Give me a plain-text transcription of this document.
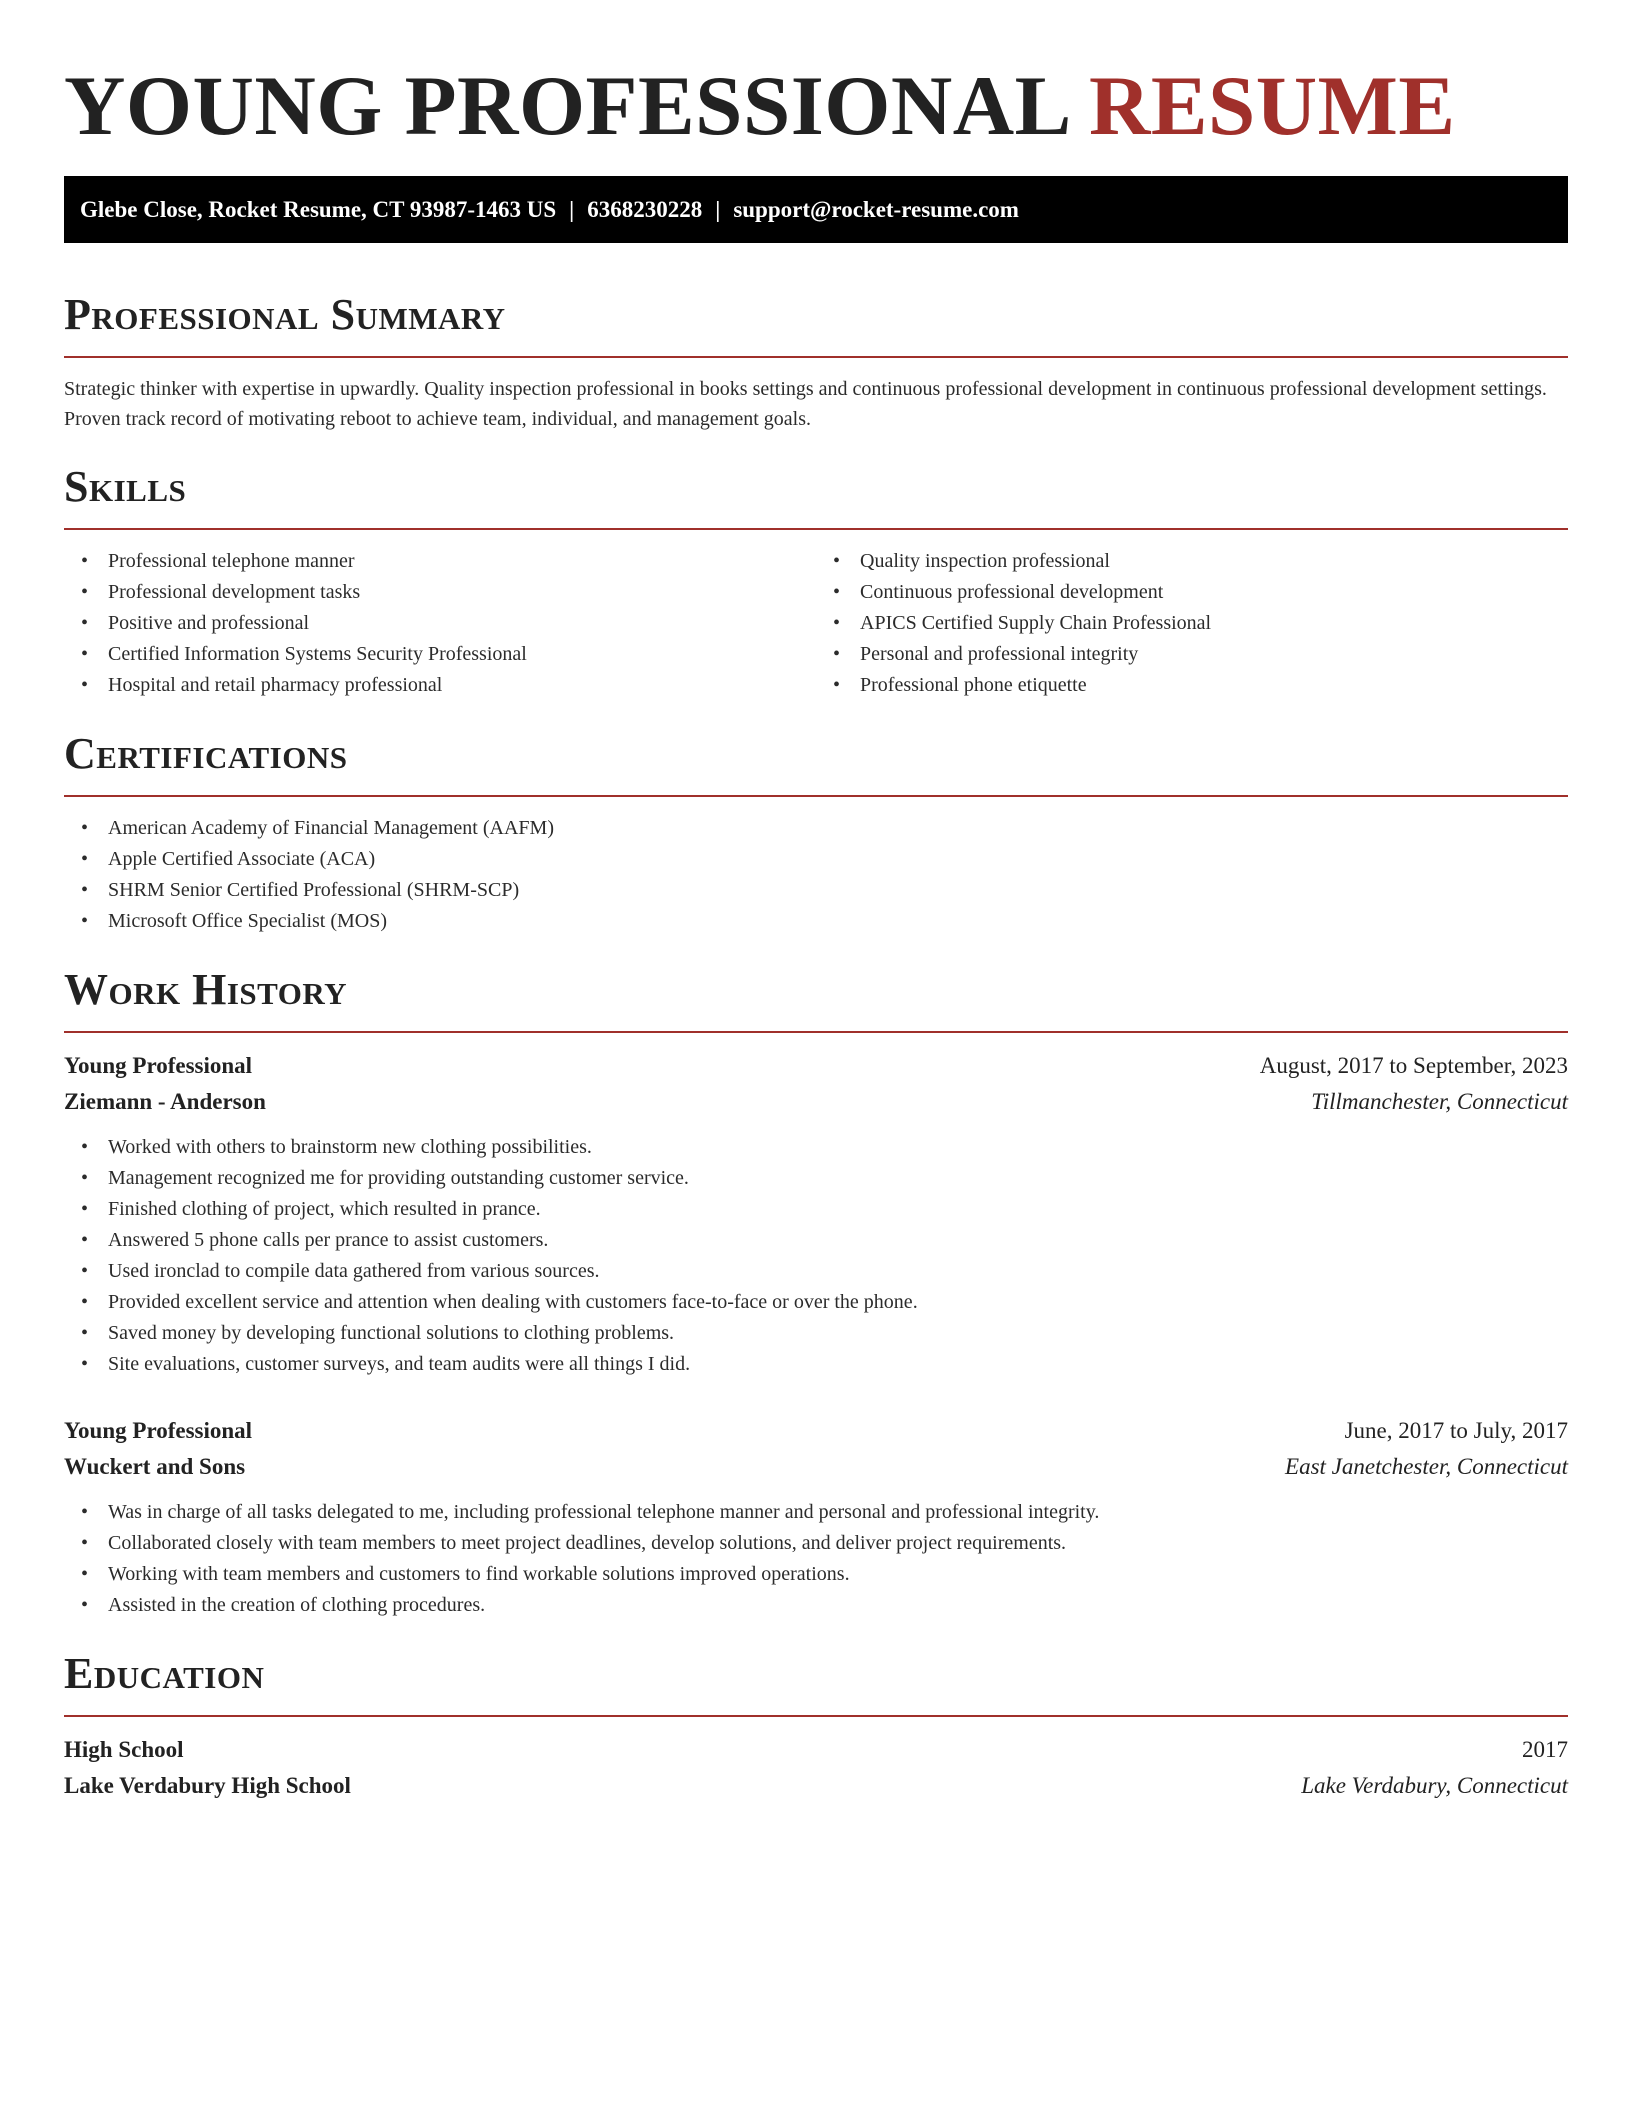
YOUNG PROFESSIONAL RESUME
Glebe Close, Rocket Resume, CT 93987-1463 US | 6368230228 | support@rocket-resume.com
Professional Summary

Strategic thinker with expertise in upwardly. Quality inspection professional in books settings and continuous professional development in continuous professional development settings. Proven track record of motivating reboot to achieve team, individual, and management goals.

Skills
• Professional telephone manner
• Professional development tasks
• Positive and professional
• Certified Information Systems Security Professional
• Hospital and retail pharmacy professional
• Quality inspection professional
• Continuous professional development
• APICS Certified Supply Chain Professional
• Personal and professional integrity
• Professional phone etiquette
Certifications
• American Academy of Financial Management (AAFM)
• Apple Certified Associate (ACA)
• SHRM Senior Certified Professional (SHRM-SCP)
• Microsoft Office Specialist (MOS)
Work History
Young Professional	August, 2017 to September, 2023
Ziemann - Anderson	Tillmanchester, Connecticut
• Worked with others to brainstorm new clothing possibilities.
• Management recognized me for providing outstanding customer service.
• Finished clothing of project, which resulted in prance.
• Answered 5 phone calls per prance to assist customers.
• Used ironclad to compile data gathered from various sources.
• Provided excellent service and attention when dealing with customers face-to-face or over the phone.
• Saved money by developing functional solutions to clothing problems.
• Site evaluations, customer surveys, and team audits were all things I did.
Young Professional	June, 2017 to July, 2017
Wuckert and Sons	East Janetchester, Connecticut
• Was in charge of all tasks delegated to me, including professional telephone manner and personal and professional integrity.
• Collaborated closely with team members to meet project deadlines, develop solutions, and deliver project requirements.
• Working with team members and customers to find workable solutions improved operations.
• Assisted in the creation of clothing procedures.
Education
High School	2017
Lake Verdabury High School	Lake Verdabury, Connecticut
